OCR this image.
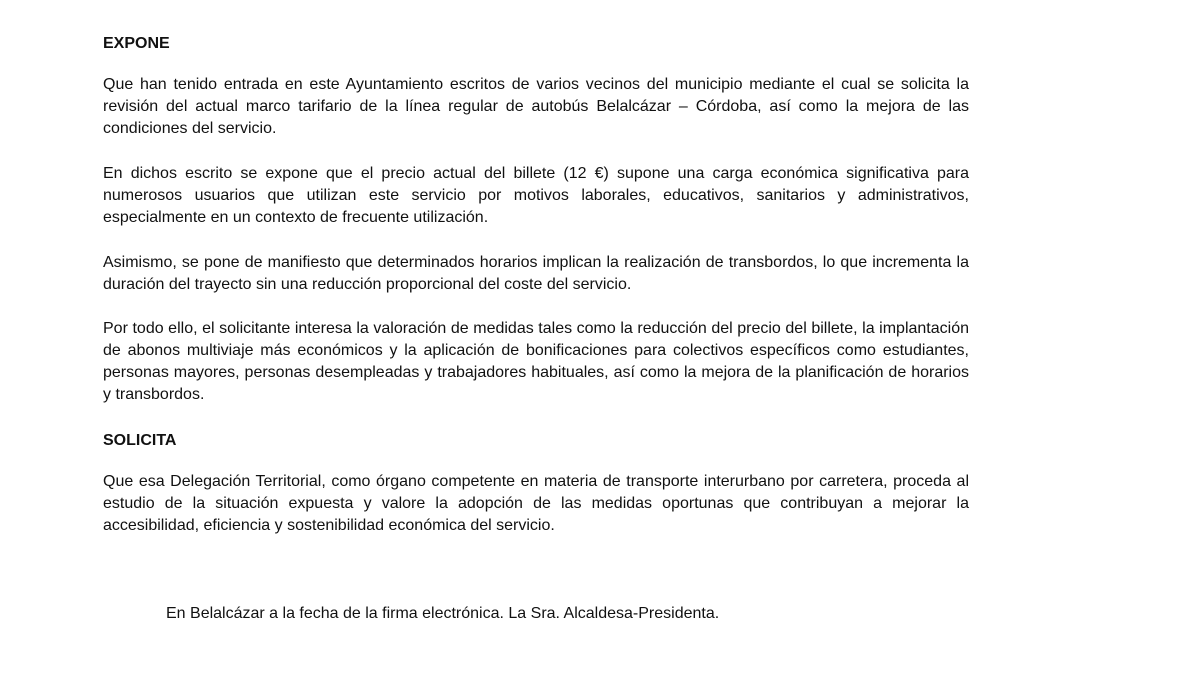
EXPONE

Que han tenido entrada en este Ayuntamiento escritos de varios vecinos del municipio mediante el cual se solicita la revisión del actual marco tarifario de la línea regular de autobús Belalcázar – Córdoba, así como la mejora de las condiciones del servicio.

En dichos escrito se expone que el precio actual del billete (12 €) supone una carga económica significativa para numerosos usuarios que utilizan este servicio por motivos laborales, educativos, sanitarios y administrativos, especialmente en un contexto de frecuente utilización.

Asimismo, se pone de manifiesto que determinados horarios implican la realización de transbordos, lo que incrementa la duración del trayecto sin una reducción proporcional del coste del servicio.

Por todo ello, el solicitante interesa la valoración de medidas tales como la reducción del precio del billete, la implantación de abonos multiviaje más económicos y la aplicación de bonificaciones para colectivos específicos como estudiantes, personas mayores, personas desempleadas y trabajadores habituales, así como la mejora de la planificación de horarios y transbordos.

SOLICITA

Que esa Delegación Territorial, como órgano competente en materia de transporte interurbano por carretera, proceda al estudio de la situación expuesta y valore la adopción de las medidas oportunas que contribuyan a mejorar la accesibilidad, eficiencia y sostenibilidad económica del servicio.

En Belalcázar a la fecha de la firma electrónica. La Sra. Alcaldesa-Presidenta.
